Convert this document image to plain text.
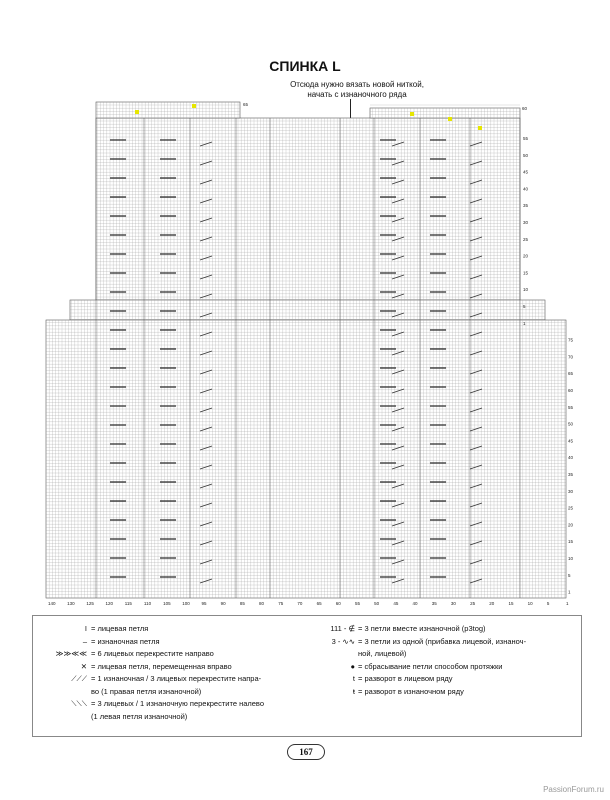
СПИНКА L
Отсюда нужно вязать новой ниткой,
начать с изнаночного ряда
55
50
45
40
35
30
25
20
15
10
5
1
75
70
65
60
55
50
45
40
35
30
25
20
15
10
5
1
140	130	125	120	115	110	105	100	95	90	85	80	75	70	65	60	55	50	45	40	35	30	25	20	15	10	5	1
65
60
I = лицевая петля
– = изнаночная петля
≫≫≪≪ = 6 лицевых перекрестите направо
✕ = лицевая петля, перемещенная вправо
⟋⟋⟋ = 1 изнаночная / 3 лицевых перекрестите напра-
во (1 правая петля изнаночной)
⟍⟍⟍ = 3 лицевых / 1 изнаночную перекрестите налево
(1 левая петля изнаночной)
111 - ∉ = 3 петли вместе изнаночной (p3tog)
3 - ∿∿ = 3 петли из одной (прибавка лицевой, изнаноч-
ной, лицевой)
● = сбрасывание петли способом протяжки
t = разворот в лицевом ряду
ŧ = разворот в изнаночном ряду
167
PassionForum.ru
